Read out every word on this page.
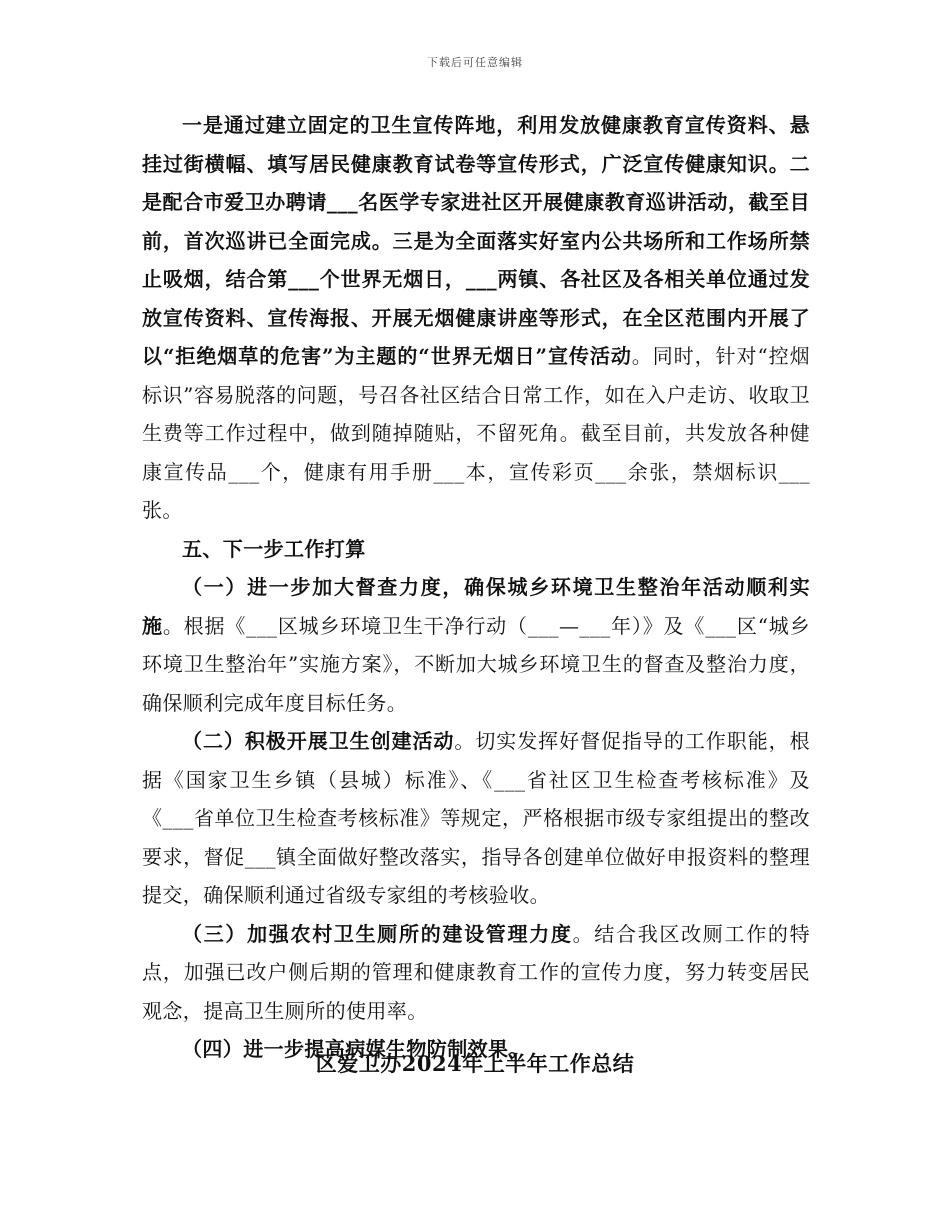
下载后可任意编辑

一是通过建立固定的卫生宣传阵地，利用发放健康教育宣传资料、悬挂过街横幅、填写居民健康教育试卷等宣传形式，广泛宣传健康知识。二是配合市爱卫办聘请___名医学专家进社区开展健康教育巡讲活动，截至目前，首次巡讲已全面完成。三是为全面落实好室内公共场所和工作场所禁止吸烟，结合第___个世界无烟日，___两镇、各社区及各相关单位通过发放宣传资料、宣传海报、开展无烟健康讲座等形式，在全区范围内开展了以“拒绝烟草的危害”为主题的“世界无烟日”宣传活动。同时，针对“控烟标识”容易脱落的问题，号召各社区结合日常工作，如在入户走访、收取卫生费等工作过程中，做到随掉随贴，不留死角。截至目前，共发放各种健康宣传品___个，健康有用手册___本，宣传彩页___余张，禁烟标识___张。

五、下一步工作打算

（一）进一步加大督查力度，确保城乡环境卫生整治年活动顺利实施。根据《___区城乡环境卫生干净行动（___—___年）》及《___区“城乡环境卫生整治年”实施方案》，不断加大城乡环境卫生的督查及整治力度，确保顺利完成年度目标任务。

（二）积极开展卫生创建活动。切实发挥好督促指导的工作职能，根据《国家卫生乡镇（县城）标准》、《___省社区卫生检查考核标准》及《___省单位卫生检查考核标准》等规定，严格根据市级专家组提出的整改要求，督促___镇全面做好整改落实，指导各创建单位做好申报资料的整理提交，确保顺利通过省级专家组的考核验收。

（三）加强农村卫生厕所的建设管理力度。结合我区改厕工作的特点，加强已改户侧后期的管理和健康教育工作的宣传力度，努力转变居民观念，提高卫生厕所的使用率。

（四）进一步提高病媒生物防制效果。

区爱卫办2024年上半年工作总结
